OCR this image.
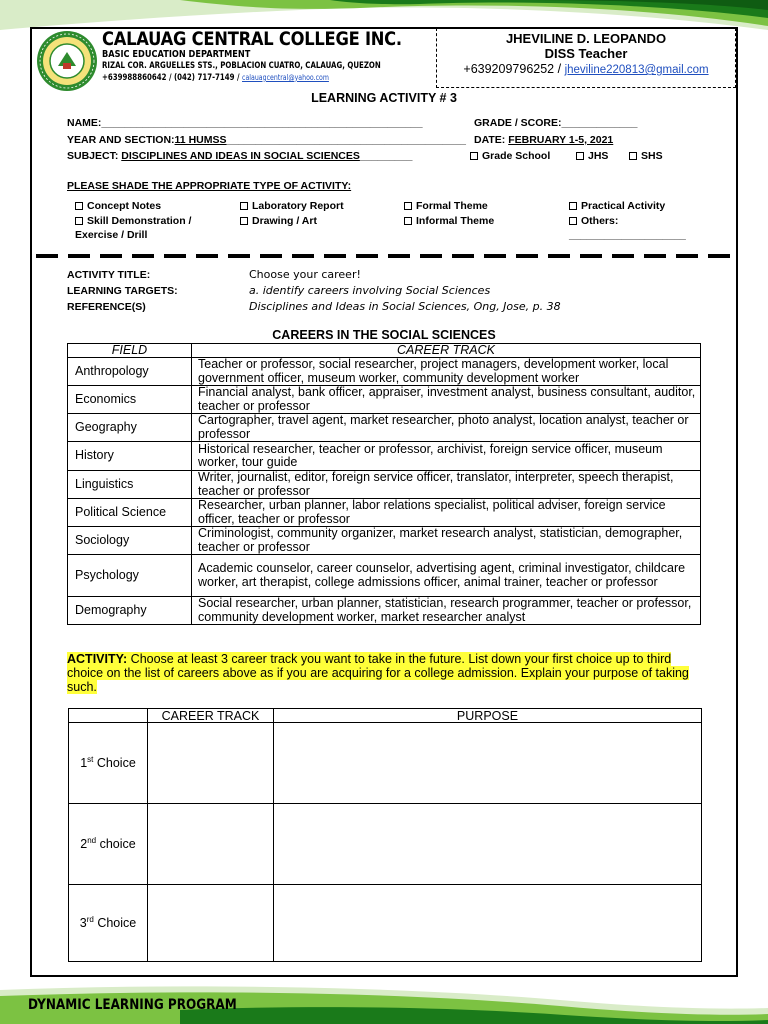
CALAUAG CENTRAL COLLEGE INC.
BASIC EDUCATION DEPARTMENT
RIZAL COR. ARGUELLES STS., POBLACION CUATRO, CALAUAG, QUEZON
+639988860642 / (042) 717-7149 / calauagcentral@yahoo.com
JHEVILINE D. LEOPANDO
DISS Teacher
+639209796252 / jheviline220813@gmail.com
LEARNING ACTIVITY # 3
NAME:_______________________________________________________	GRADE / SCORE:_____________
YEAR AND SECTION:11 HUMSS_________________________________________ DATE: FEBRUARY 1-5, 2021
SUBJECT: DISCIPLINES AND IDEAS IN SOCIAL SCIENCES_________	Grade School	JHS	SHS
PLEASE SHADE THE APPROPRIATE TYPE OF ACTIVITY:
Concept Notes
Skill Demonstration /
Exercise / Drill
Laboratory Report
Drawing / Art
Formal Theme
Informal Theme
Practical Activity
Others:
____________________
ACTIVITY TITLE:	Choose your career!
LEARNING TARGETS:	a. identify careers involving Social Sciences
REFERENCE(S)	Disciplines and Ideas in Social Sciences, Ong, Jose, p. 38
CAREERS IN THE SOCIAL SCIENCES
FIELD	CAREER TRACK
Anthropology	Teacher or professor, social researcher, project managers, development worker, local government officer, museum worker, community development worker
Economics	Financial analyst, bank officer, appraiser, investment analyst, business consultant, auditor, teacher or professor
Geography	Cartographer, travel agent, market researcher, photo analyst, location analyst, teacher or professor
History	Historical researcher, teacher or professor, archivist, foreign service officer, museum worker, tour guide
Linguistics	Writer, journalist, editor, foreign service officer, translator, interpreter, speech therapist, teacher or professor
Political Science	Researcher, urban planner, labor relations specialist, political adviser, foreign service officer, teacher or professor
Sociology	Criminologist, community organizer, market research analyst, statistician, demographer, teacher or professor
Psychology	Academic counselor, career counselor, advertising agent, criminal investigator, childcare worker, art therapist, college admissions officer, animal trainer, teacher or professor
Demography	Social researcher, urban planner, statistician, research programmer, teacher or professor, community development worker, market researcher analyst
ACTIVITY: Choose at least 3 career track you want to take in the future. List down your first choice up to third choice on the list of careers above as if you are acquiring for a college admission. Explain your purpose of taking such.
	CAREER TRACK	PURPOSE
1st Choice		
2nd choice		
3rd Choice		
DYNAMIC LEARNING PROGRAM
